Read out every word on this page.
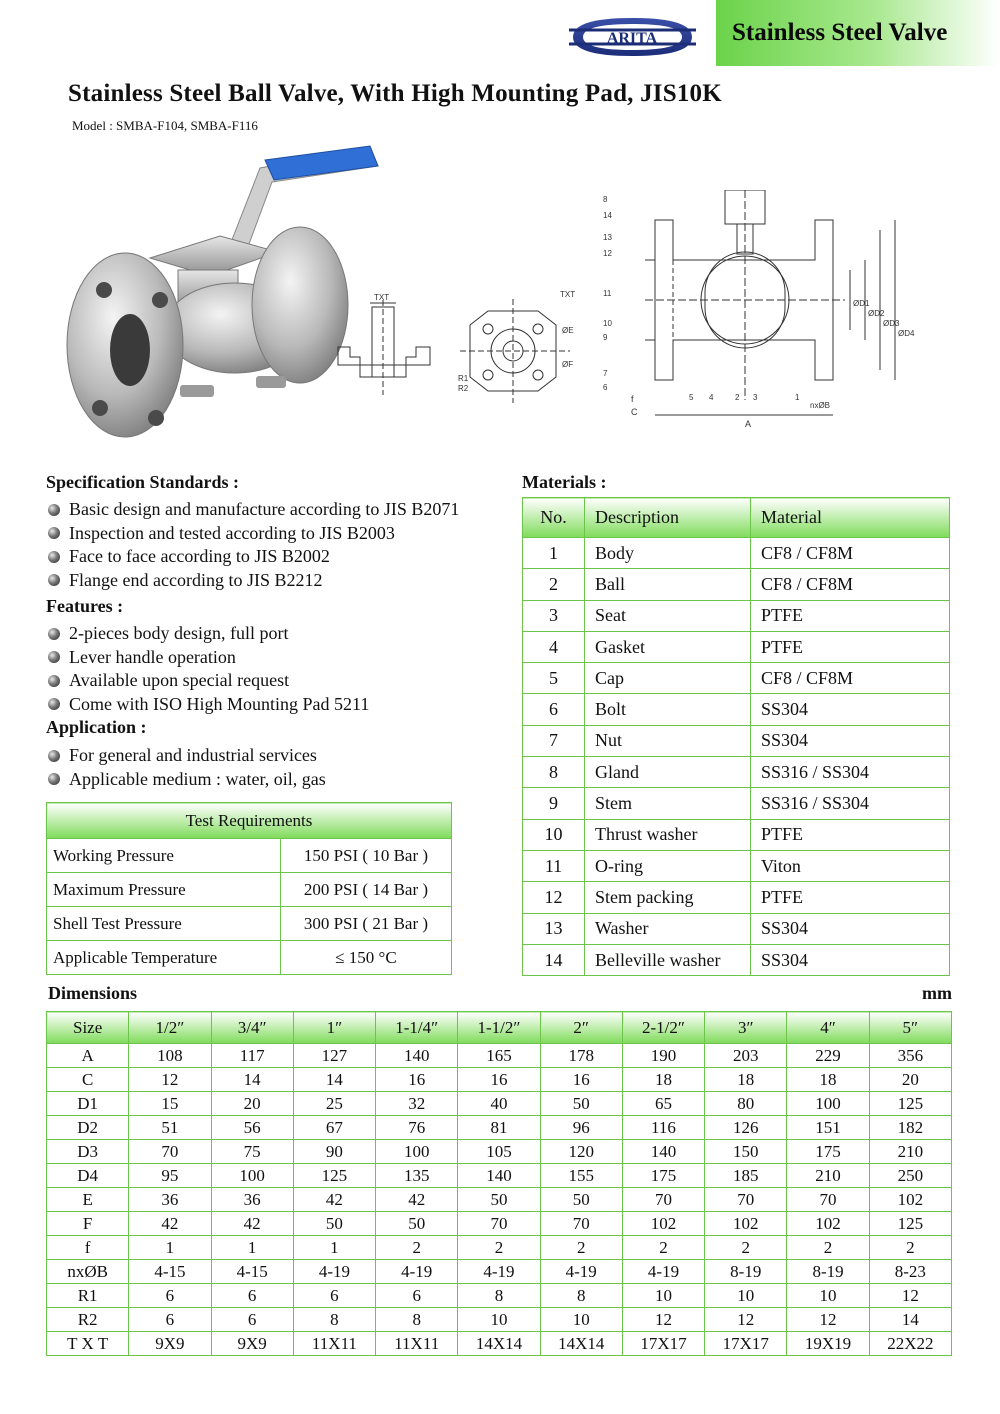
ARITA	Stainless Steel Valve
Stainless Steel Ball Valve, With High Mounting Pad, JIS10K
Model : SMBA-F104, SMBA-F116
TXT	TXT
ØE
ØF
R1
R2
A
C
f
nxØB
ØD1
ØD2
ØD3
ØD4
8
14
13
12
11
10
9
7
6
5 4	2 3	1
Specification Standards :
Basic design and manufacture according to JIS B2071
Inspection and tested according to JIS B2003
Face to face according to JIS B2002
Flange end according to JIS B2212
Features :
2-pieces body design, full port
Lever handle operation
Available upon special request
Come with ISO High Mounting Pad 5211
Application :
For general and industrial services
Applicable medium : water, oil, gas
Test Requirements	
Working Pressure	150 PSI ( 10 Bar )
Maximum Pressure	200 PSI ( 14 Bar )
Shell Test Pressure	300 PSI ( 21 Bar )
Applicable Temperature	≤ 150 °C
Materials :
No.	Description	Material
1	Body	CF8 / CF8M
2	Ball	CF8 / CF8M
3	Seat	PTFE
4	Gasket	PTFE
5	Cap	CF8 / CF8M
6	Bolt	SS304
7	Nut	SS304
8	Gland	SS316 / SS304
9	Stem	SS316 / SS304
10	Thrust washer	PTFE
11	O-ring	Viton
12	Stem packing	PTFE
13	Washer	SS304
14	Belleville washer	SS304
Dimensions	mm
Size	1/2″	3/4″	1″	1-1/4″	1-1/2″	2″	2-1/2″	3″	4″	5″
A	108	117	127	140	165	178	190	203	229	356
C	12	14	14	16	16	16	18	18	18	20
D1	15	20	25	32	40	50	65	80	100	125
D2	51	56	67	76	81	96	116	126	151	182
D3	70	75	90	100	105	120	140	150	175	210
D4	95	100	125	135	140	155	175	185	210	250
E	36	36	42	42	50	50	70	70	70	102
F	42	42	50	50	70	70	102	102	102	125
f	1	1	1	2	2	2	2	2	2	2
nxØB	4-15	4-15	4-19	4-19	4-19	4-19	4-19	8-19	8-19	8-23
R1	6	6	6	6	8	8	10	10	10	12
R2	6	6	8	8	10	10	12	12	12	14
T X T	9X9	9X9	11X11	11X11	14X14	14X14	17X17	17X17	19X19	22X22
